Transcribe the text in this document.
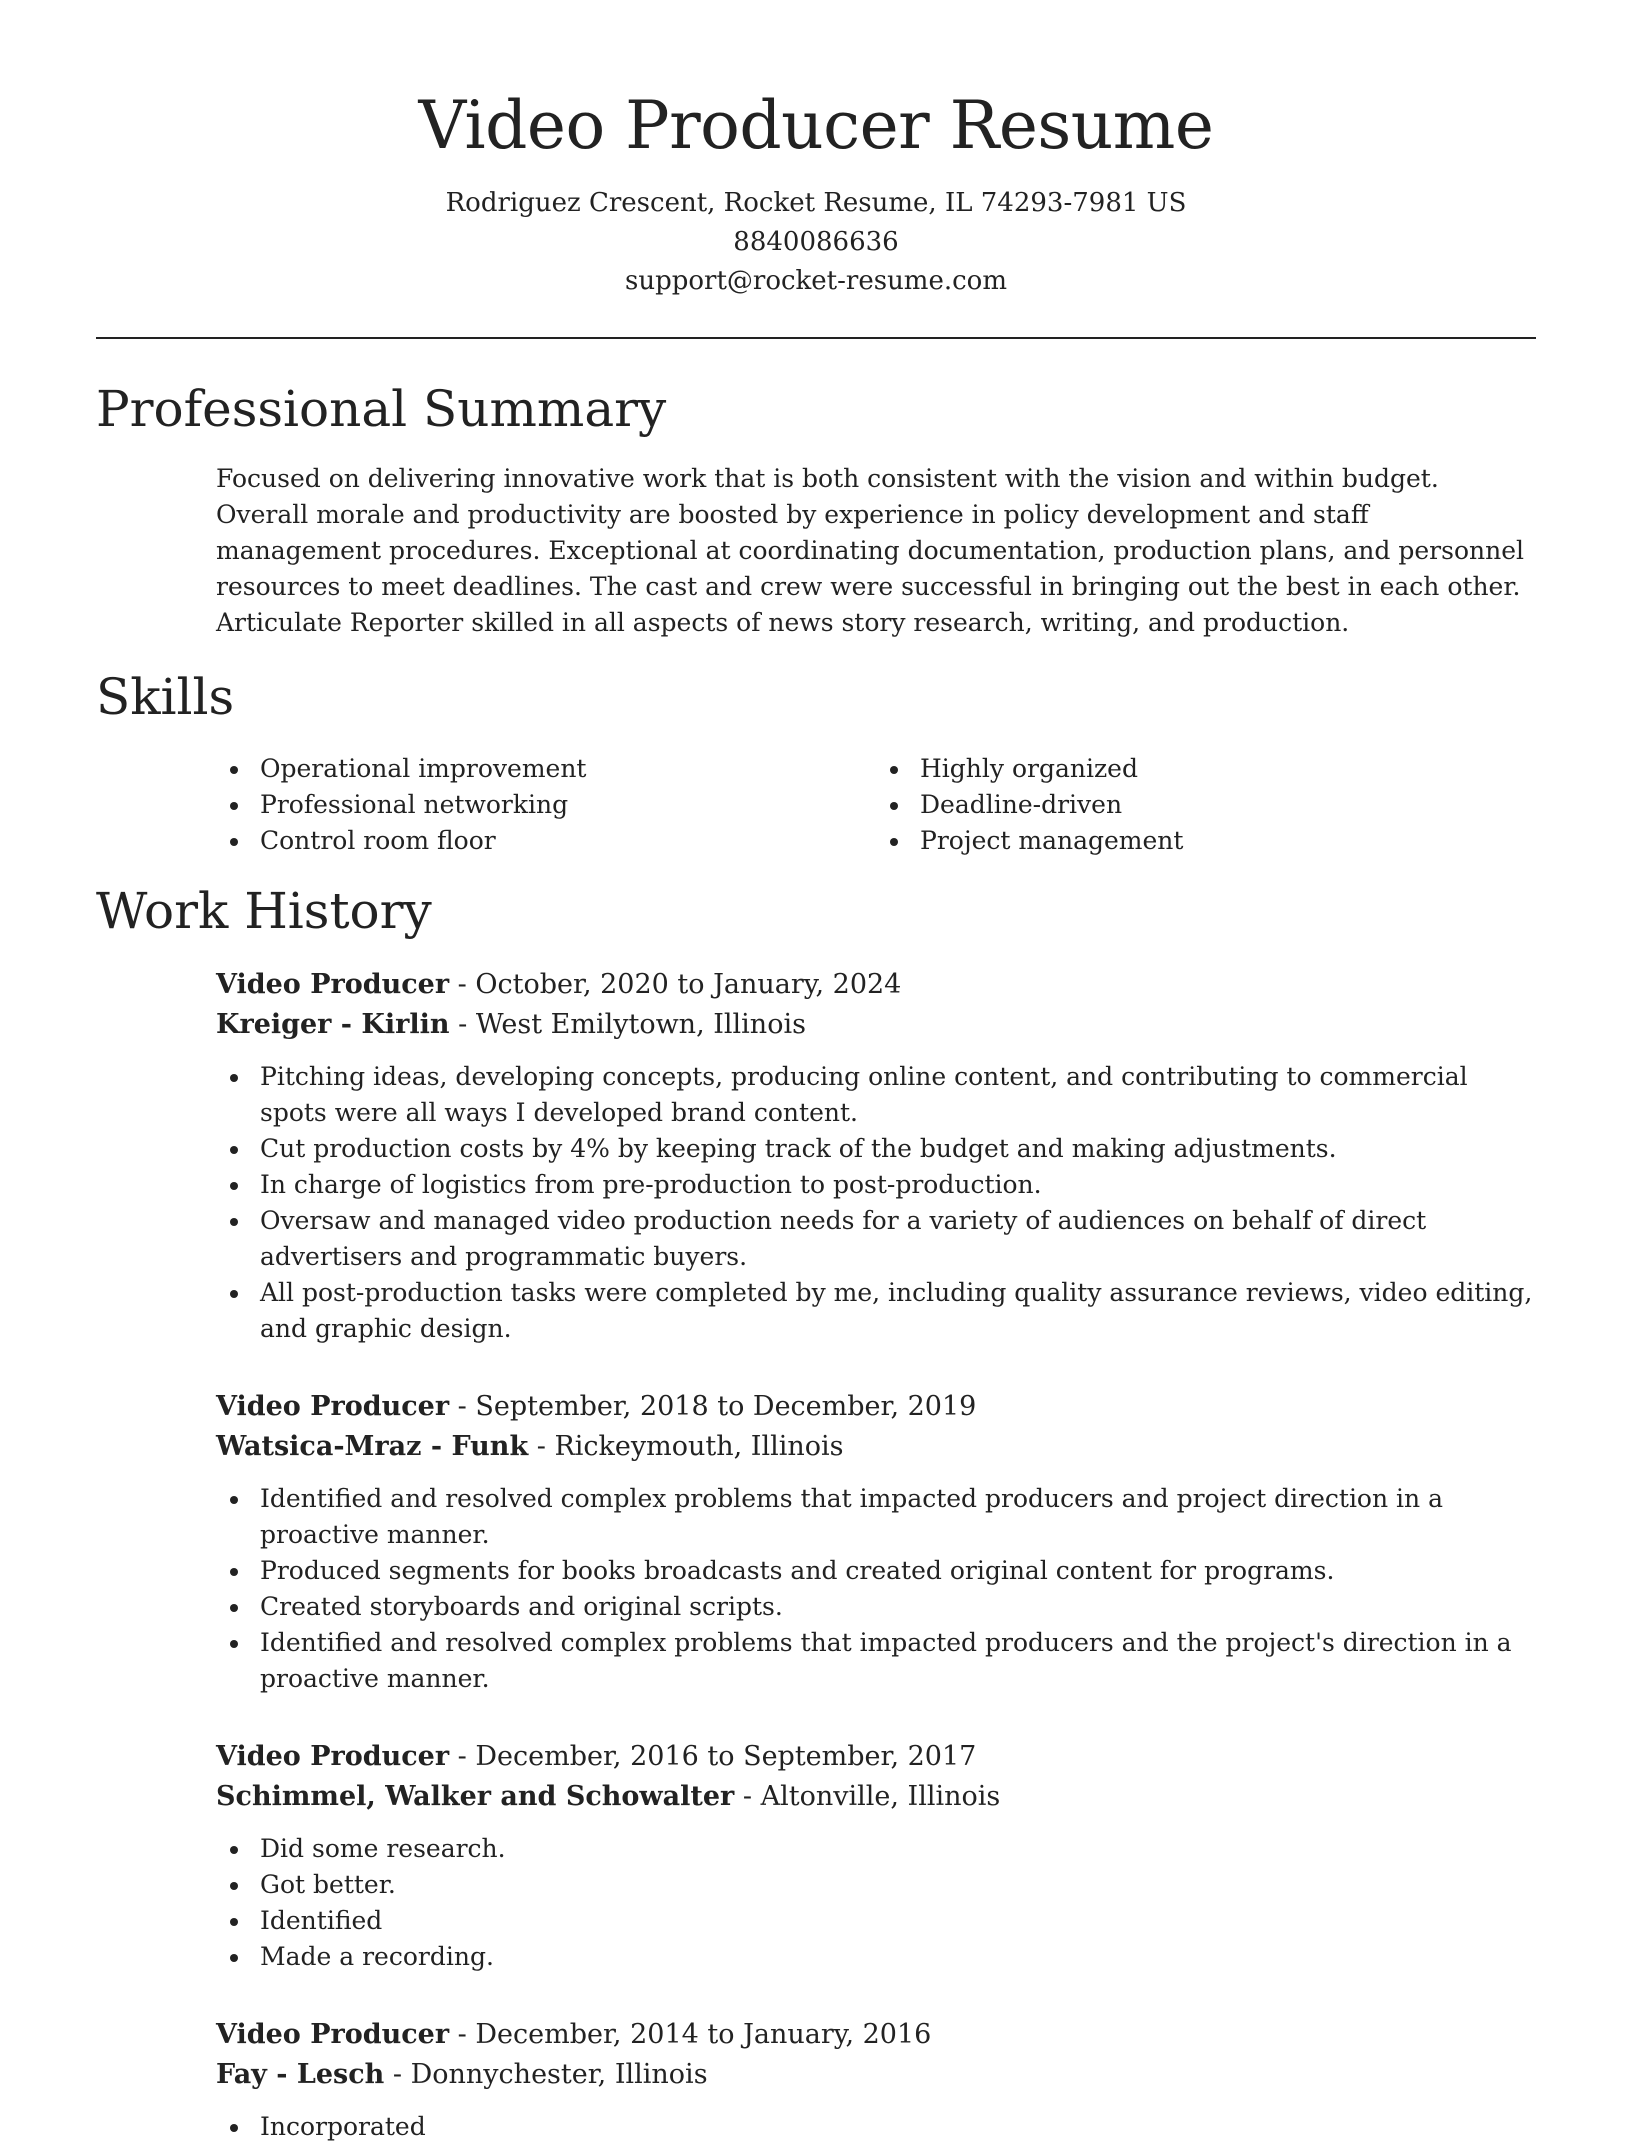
Video Producer Resume
Rodriguez Crescent, Rocket Resume, IL 74293-7981 US
8840086636
support@rocket-resume.com
Professional Summary

Focused on delivering innovative work that is both consistent with the vision and within budget. Overall morale and productivity are boosted by experience in policy development and staff management procedures. Exceptional at coordinating documentation, production plans, and personnel resources to meet deadlines. The cast and crew were successful in bringing out the best in each other. Articulate Reporter skilled in all aspects of news story research, writing, and production.

Skills
Operational improvement
Professional networking
Control room floor
Highly organized
Deadline-driven
Project management
Work History
Video Producer - October, 2020 to January, 2024
Kreiger - Kirlin - West Emilytown, Illinois
Pitching ideas, developing concepts, producing online content, and contributing to commercial spots were all ways I developed brand content.
Cut production costs by 4% by keeping track of the budget and making adjustments.
In charge of logistics from pre-production to post-production.
Oversaw and managed video production needs for a variety of audiences on behalf of direct advertisers and programmatic buyers.
All post-production tasks were completed by me, including quality assurance reviews, video editing, and graphic design.
Video Producer - September, 2018 to December, 2019
Watsica-Mraz - Funk - Rickeymouth, Illinois
Identified and resolved complex problems that impacted producers and project direction in a proactive manner.
Produced segments for books broadcasts and created original content for programs.
Created storyboards and original scripts.
Identified and resolved complex problems that impacted producers and the project's direction in a proactive manner.
Video Producer - December, 2016 to September, 2017
Schimmel, Walker and Schowalter - Altonville, Illinois
Did some research.
Got better.
Identified
Made a recording.
Video Producer - December, 2014 to January, 2016
Fay - Lesch - Donnychester, Illinois
Incorporated
